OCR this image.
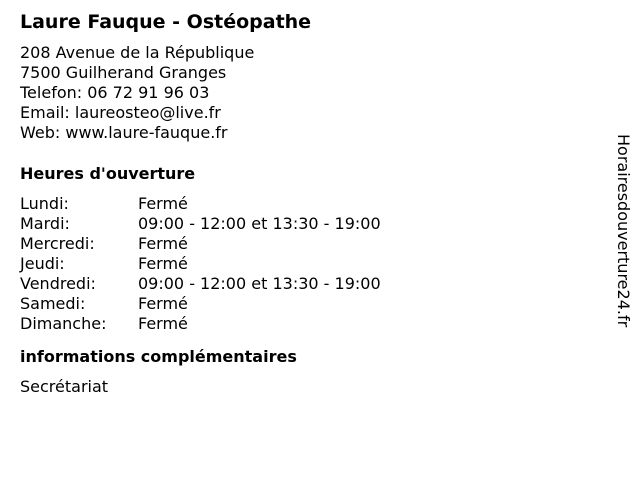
Laure Fauque - Ostéopathe
208 Avenue de la République
7500 Guilherand Granges
Telefon: 06 72 91 96 03
Email: laureosteo@live.fr
Web: www.laure-fauque.fr
Heures d'ouverture
Lundi:	Fermé
Mardi:	09:00 - 12:00 et 13:30 - 19:00
Mercredi:	Fermé
Jeudi:	Fermé
Vendredi:	09:00 - 12:00 et 13:30 - 19:00
Samedi:	Fermé
Dimanche: Fermé
informations complémentaires
Secrétariat
Horairesdouverture24.fr
